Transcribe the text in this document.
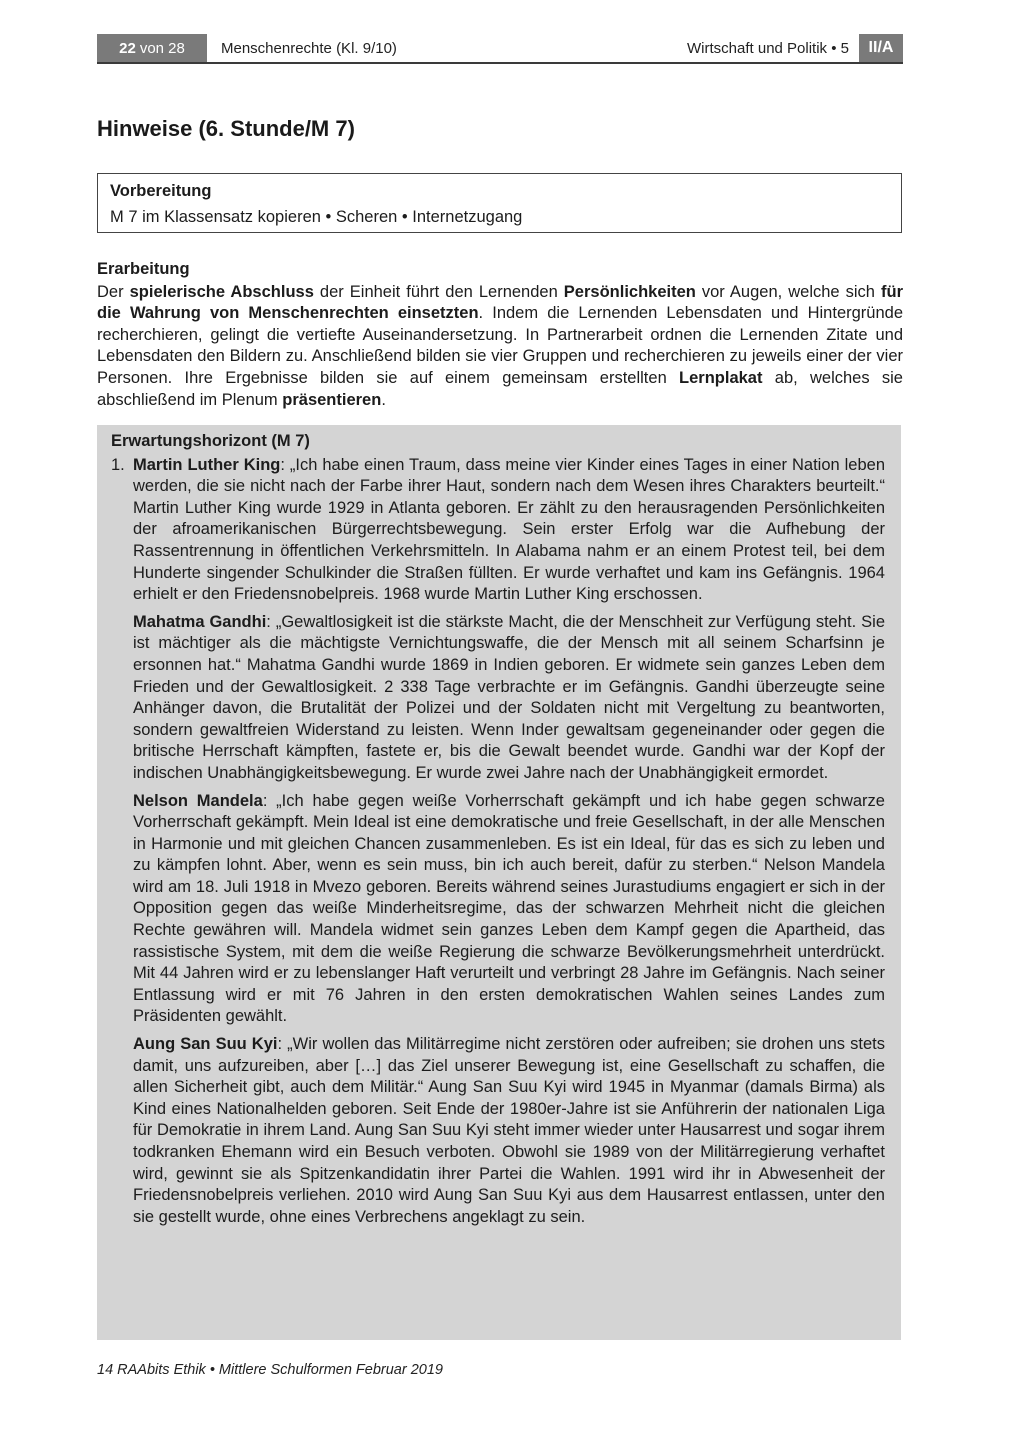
22 von 28	Menschenrechte (Kl. 9/10)	Wirtschaft und Politik • 5	II/A
Hinweise (6. Stunde/M 7)
Vorbereitung
M 7 im Klassensatz kopieren • Scheren • Internetzugang
Erarbeitung
Der spielerische Abschluss der Einheit führt den Lernenden Persönlichkeiten vor Augen, welche sich für die Wahrung von Menschenrechten einsetzten. Indem die Lernenden Lebensdaten und Hintergründe recherchieren, gelingt die vertiefte Auseinandersetzung. In Partnerarbeit ordnen die Lernenden Zitate und Lebensdaten den Bildern zu. Anschließend bilden sie vier Gruppen und recherchieren zu jeweils einer der vier Personen. Ihre Ergebnisse bilden sie auf einem gemeinsam erstellten Lernplakat ab, welches sie abschließend im Plenum präsentieren.
Erwartungshorizont (M 7)
1. Martin Luther King: „Ich habe einen Traum, dass meine vier Kinder eines Tages in einer Nation leben werden, die sie nicht nach der Farbe ihrer Haut, sondern nach dem Wesen ihres Charakters beurteilt.“ Martin Luther King wurde 1929 in Atlanta geboren. Er zählt zu den herausragenden Persönlichkeiten der afroamerikanischen Bürgerrechtsbewegung. Sein erster Erfolg war die Aufhebung der Rassentrennung in öffentlichen Verkehrsmitteln. In Alabama nahm er an einem Protest teil, bei dem Hunderte singender Schulkinder die Straßen füllten. Er wurde verhaftet und kam ins Gefängnis. 1964 erhielt er den Friedensnobelpreis. 1968 wurde Martin Luther King erschossen.
Mahatma Gandhi: „Gewaltlosigkeit ist die stärkste Macht, die der Menschheit zur Verfügung steht. Sie ist mächtiger als die mächtigste Vernichtungswaffe, die der Mensch mit all seinem Scharfsinn je ersonnen hat.“ Mahatma Gandhi wurde 1869 in Indien geboren. Er widmete sein ganzes Leben dem Frieden und der Gewaltlosigkeit. 2 338 Tage verbrachte er im Gefängnis. Gandhi überzeugte seine Anhänger davon, die Brutalität der Polizei und der Soldaten nicht mit Vergeltung zu beantworten, sondern gewaltfreien Widerstand zu leisten. Wenn Inder gewaltsam gegeneinander oder gegen die britische Herrschaft kämpften, fastete er, bis die Gewalt beendet wurde. Gandhi war der Kopf der indischen Unabhängigkeitsbewegung. Er wurde zwei Jahre nach der Unabhängigkeit ermordet.
Nelson Mandela: „Ich habe gegen weiße Vorherrschaft gekämpft und ich habe gegen schwarze Vorherrschaft gekämpft. Mein Ideal ist eine demokratische und freie Gesellschaft, in der alle Menschen in Harmonie und mit gleichen Chancen zusammenleben. Es ist ein Ideal, für das es sich zu leben und zu kämpfen lohnt. Aber, wenn es sein muss, bin ich auch bereit, dafür zu sterben.“ Nelson Mandela wird am 18. Juli 1918 in Mvezo geboren. Bereits während seines Jurastudiums engagiert er sich in der Opposition gegen das weiße Minderheitsregime, das der schwarzen Mehrheit nicht die gleichen Rechte gewähren will. Mandela widmet sein ganzes Leben dem Kampf gegen die Apartheid, das rassistische System, mit dem die weiße Regierung die schwarze Bevölkerungsmehrheit unterdrückt. Mit 44 Jahren wird er zu lebenslanger Haft verurteilt und verbringt 28 Jahre im Gefängnis. Nach seiner Entlassung wird er mit 76 Jahren in den ersten demokratischen Wahlen seines Landes zum Präsidenten gewählt.
Aung San Suu Kyi: „Wir wollen das Militärregime nicht zerstören oder aufreiben; sie drohen uns stets damit, uns aufzureiben, aber […] das Ziel unserer Bewegung ist, eine Gesellschaft zu schaffen, die allen Sicherheit gibt, auch dem Militär.“ Aung San Suu Kyi wird 1945 in Myanmar (damals Birma) als Kind eines Nationalhelden geboren. Seit Ende der 1980er-Jahre ist sie Anführerin der nationalen Liga für Demokratie in ihrem Land. Aung San Suu Kyi steht immer wieder unter Hausarrest und sogar ihrem todkranken Ehemann wird ein Besuch verboten. Obwohl sie 1989 von der Militärregierung verhaftet wird, gewinnt sie als Spitzenkandidatin ihrer Partei die Wahlen. 1991 wird ihr in Abwesenheit der Friedensnobelpreis verliehen. 2010 wird Aung San Suu Kyi aus dem Hausarrest entlassen, unter den sie gestellt wurde, ohne eines Verbrechens angeklagt zu sein.
14 RAAbits Ethik • Mittlere Schulformen Februar 2019
